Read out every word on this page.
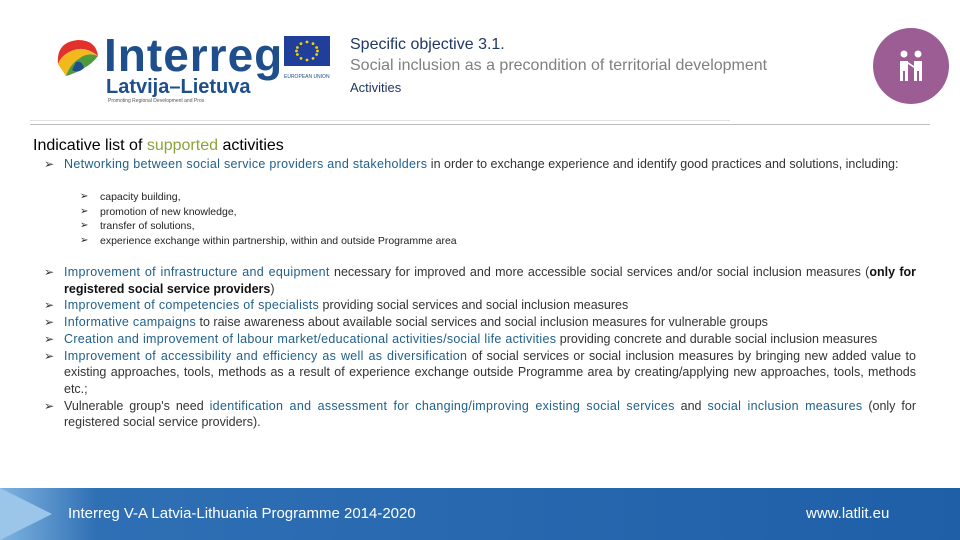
Interreg
Latvija–Lietuva
Promoting Regional Development and Pros
EUROPEAN UNION
Specific objective 3.1.
Social inclusion as a precondition of territorial development
Activities
Indicative list of supported activities
➢ Networking between social service providers and stakeholders in order to exchange experience and identify good practices and solutions, including:
➢ capacity building,
➢ promotion of new knowledge,
➢ transfer of solutions,
➢ experience exchange within partnership, within and outside Programme area
➢ Improvement of infrastructure and equipment necessary for improved and more accessible social services and/or social inclusion measures (only for registered social service providers)
➢ Improvement of competencies of specialists providing social services and social inclusion measures
➢ Informative campaigns to raise awareness about available social services and social inclusion measures for vulnerable groups
➢ Creation and improvement of labour market/educational activities/social life activities providing concrete and durable social inclusion measures
➢ Improvement of accessibility and efficiency as well as diversification of social services or social inclusion measures by bringing new added value to existing approaches, tools, methods as a result of experience exchange outside Programme area by creating/applying new approaches, tools, methods etc.;
➢ Vulnerable group's need identification and assessment for changing/improving existing social services and social inclusion measures (only for registered social service providers).
Interreg V-A Latvia-Lithuania Programme 2014-2020	www.latlit.eu
